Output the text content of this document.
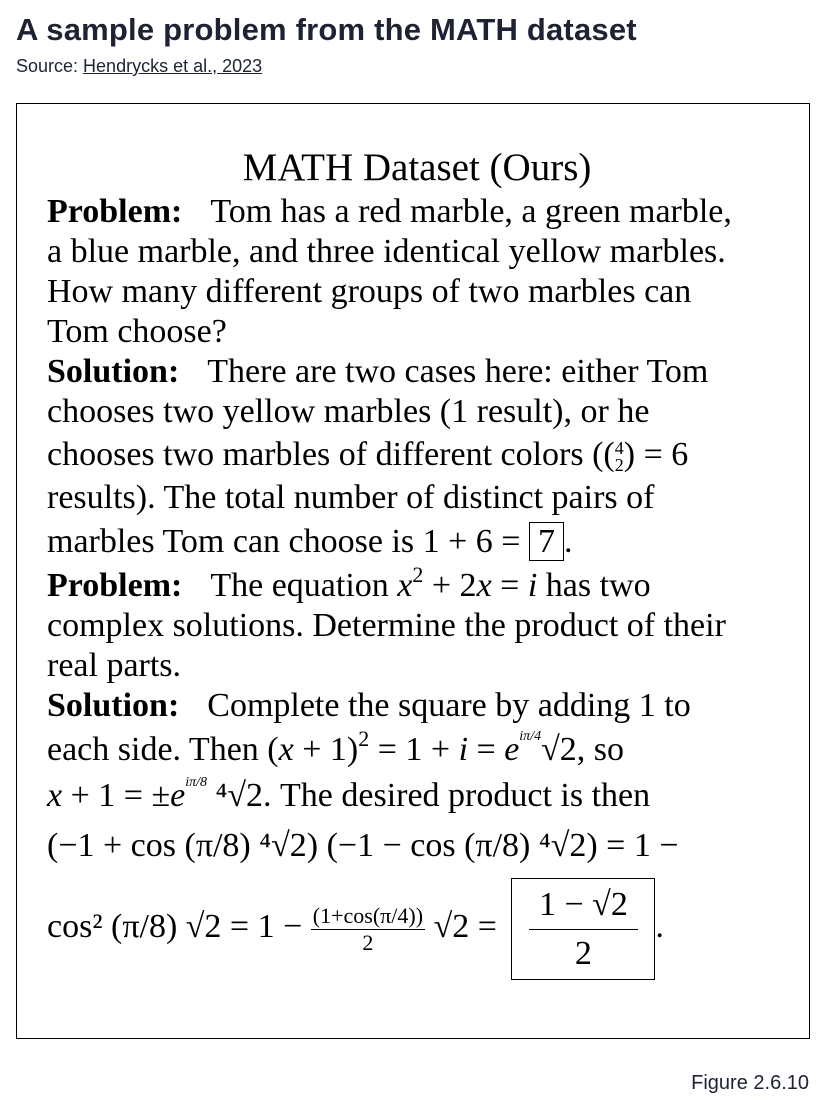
A sample problem from the MATH dataset
Source: Hendrycks et al., 2023
MATH Dataset (Ours)
Problem: Tom has a red marble, a green marble,
a blue marble, and three identical yellow marbles.
How many different groups of two marbles can
Tom choose?
Solution: There are two cases here: either Tom
chooses two yellow marbles (1 result), or he
chooses two marbles of different colors (( 4
2 ) = 6
results). The total number of distinct pairs of
marbles Tom can choose is 1 + 6 = 7 .
Problem: The equation $x^2 + 2x = i$ has two
complex solutions. Determine the product of their
real parts.
Solution: Complete the square by adding 1 to
each side. Then $(x + 1)^2 = 1 + i = e^{i\pi/4}√2$, so
$x + 1 = \pm e^{i\pi/8}$ ⁴√2. The desired product is then
(−1 + cos (π/8) ⁴√2) (−1 − cos (π/8) ⁴√2) = 1 −
cos² (π/8) $√2 = 1 - \frac{(1+\cos(\pi/4))}{2} √2 = \frac{1 - √2}{2}$ .
Figure 2.6.10
